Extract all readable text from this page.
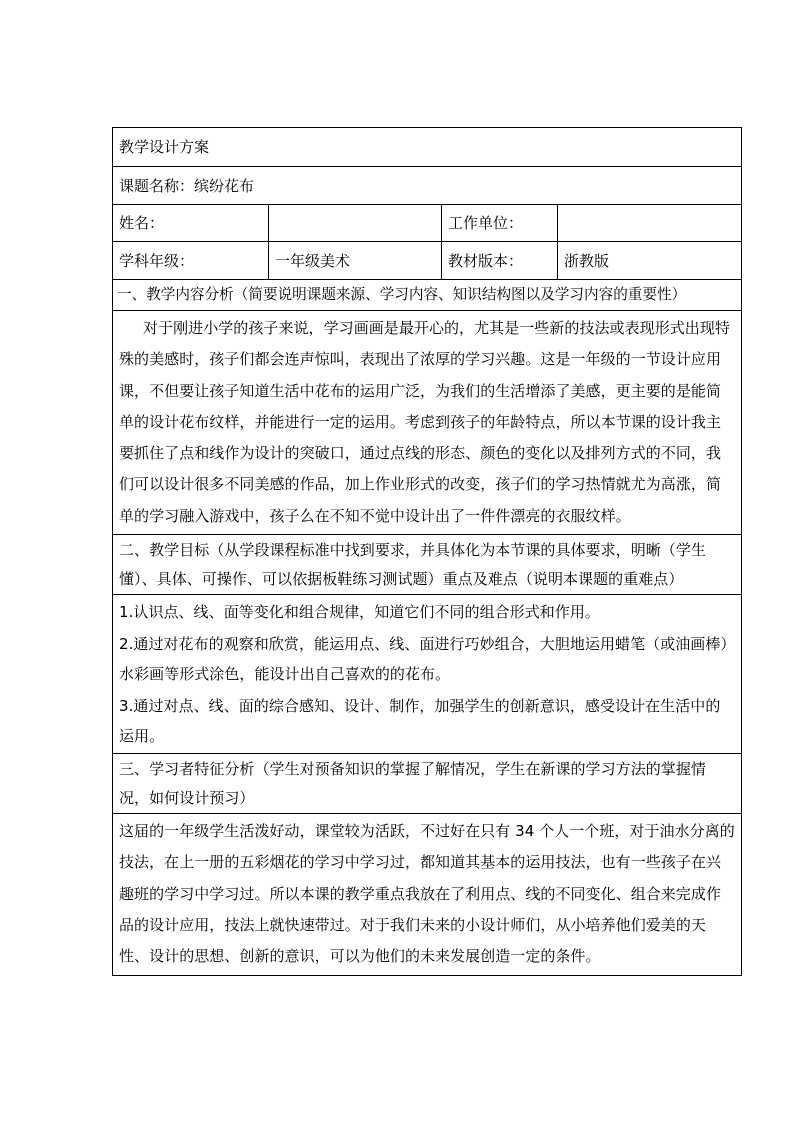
教学设计方案			
课题名称：缤纷花布			
姓名：		工作单位：	
学科年级：	一年级美术	教材版本：	浙教版
一、教学内容分析（简要说明课题来源、学习内容、知识结构图以及学习内容的重要性）			
对于刚进小学的孩子来说，学习画画是最开心的，尤其是一些新的技法或表现形式出现特殊的美感时，孩子们都会连声惊叫，表现出了浓厚的学习兴趣。这是一年级的一节设计应用课，不但要让孩子知道生活中花布的运用广泛，为我们的生活增添了美感，更主要的是能简单的设计花布纹样，并能进行一定的运用。考虑到孩子的年龄特点，所以本节课的设计我主要抓住了点和线作为设计的突破口，通过点线的形态、颜色的变化以及排列方式的不同，我们可以设计很多不同美感的作品，加上作业形式的改变，孩子们的学习热情就尤为高涨，简单的学习融入游戏中，孩子么在不知不觉中设计出了一件件漂亮的衣服纹样。			
二、教学目标（从学段课程标准中找到要求，并具体化为本节课的具体要求，明晰（学生懂）、具体、可操作、可以依据板鞋练习测试题）重点及难点（说明本课题的重难点）			

1.认识点、线、面等变化和组合规律，知道它们不同的组合形式和作用。

2.通过对花布的观察和欣赏，能运用点、线、面进行巧妙组合，大胆地运用蜡笔（或油画棒）水彩画等形式涂色，能设计出自己喜欢的的花布。

3.通过对点、线、面的综合感知、设计、制作，加强学生的创新意识，感受设计在生活中的运用。			

三、学习者特征分析（学生对预备知识的掌握了解情况，学生在新课的学习方法的掌握情况，如何设计预习）			
这届的一年级学生活泼好动，课堂较为活跃，不过好在只有 34 个人一个班，对于油水分离的技法，在上一册的五彩烟花的学习中学习过，都知道其基本的运用技法，也有一些孩子在兴趣班的学习中学习过。所以本课的教学重点我放在了利用点、线的不同变化、组合来完成作品的设计应用，技法上就快速带过。对于我们未来的小设计师们，从小培养他们爱美的天性、设计的思想、创新的意识，可以为他们的未来发展创造一定的条件。			
